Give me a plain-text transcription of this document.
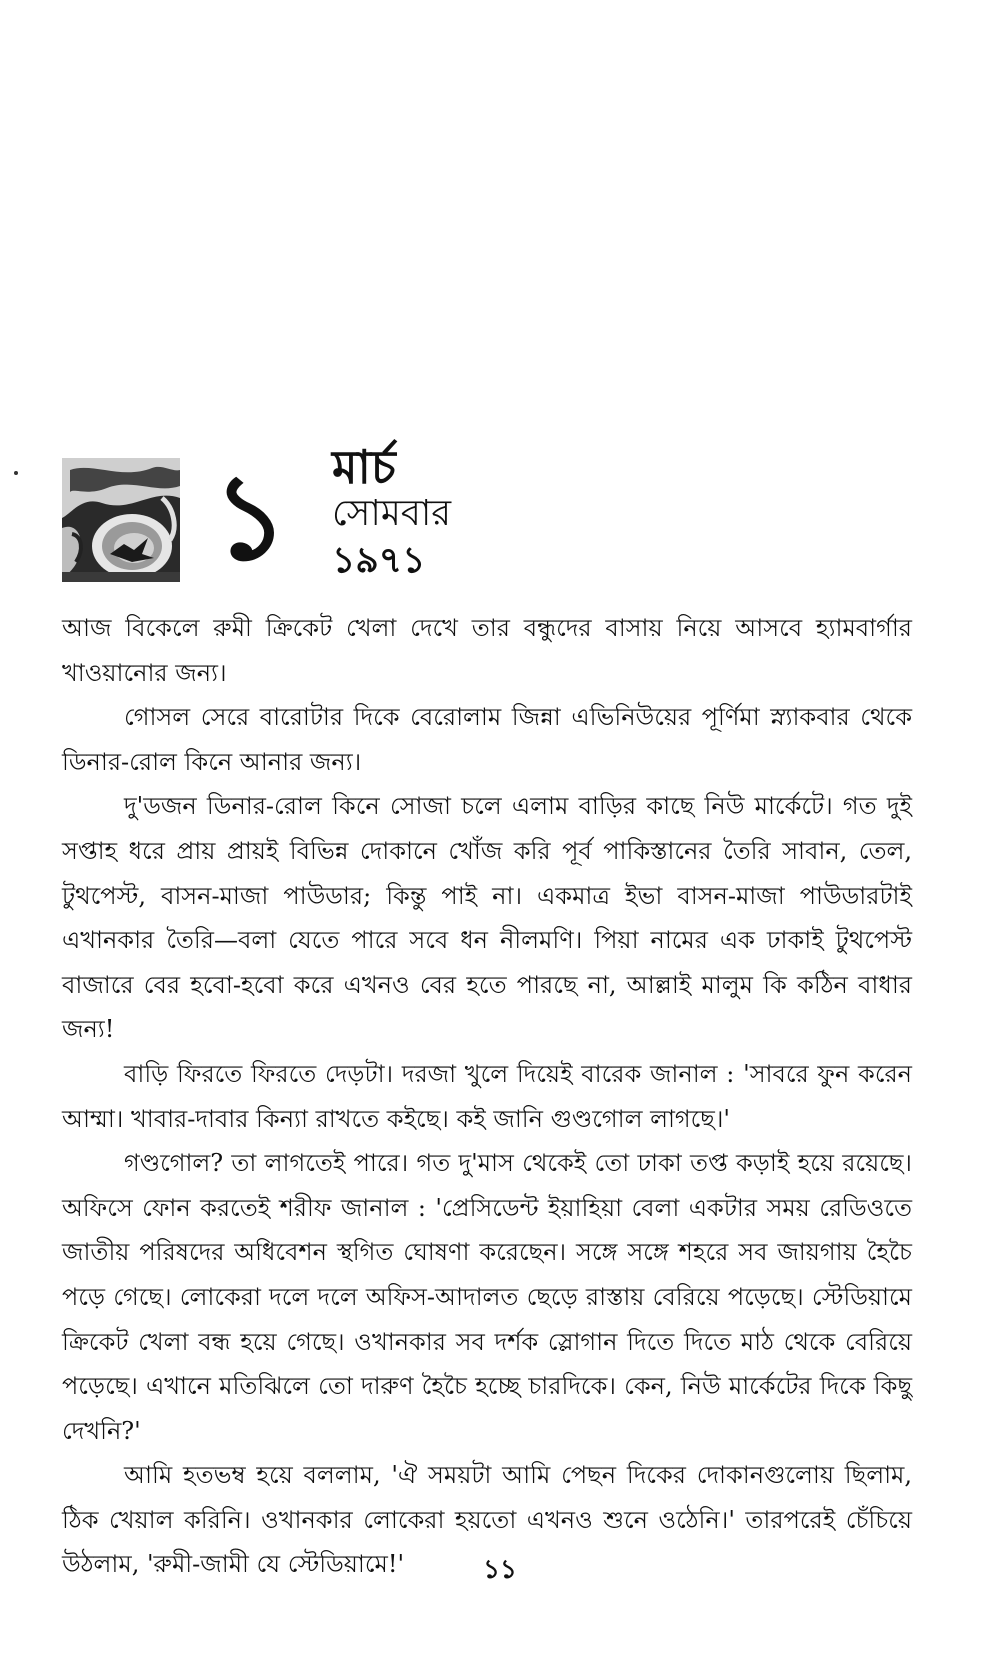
১ মার্চ
সোমবার
১৯৭১

আজ বিকেলে রুমী ক্রিকেট খেলা দেখে তার বন্ধুদের বাসায় নিয়ে আসবে হ্যামবার্গার খাওয়ানোর জন্য।

গোসল সেরে বারোটার দিকে বেরোলাম জিন্না এভিনিউয়ের পূর্ণিমা স্ন্যাকবার থেকে ডিনার-রোল কিনে আনার জন্য।

দু'ডজন ডিনার-রোল কিনে সোজা চলে এলাম বাড়ির কাছে নিউ মার্কেটে। গত দুই সপ্তাহ ধরে প্রায় প্রায়ই বিভিন্ন দোকানে খোঁজ করি পূর্ব পাকিস্তানের তৈরি সাবান, তেল, টুথপেস্ট, বাসন-মাজা পাউডার; কিন্তু পাই না। একমাত্র ইভা বাসন-মাজা পাউডারটাই এখানকার তৈরি—বলা যেতে পারে সবে ধন নীলমণি। পিয়া নামের এক ঢাকাই টুথপেস্ট বাজারে বের হবো-হবো করে এখনও বের হতে পারছে না, আল্লাই মালুম কি কঠিন বাধার জন্য!

বাড়ি ফিরতে ফিরতে দেড়টা। দরজা খুলে দিয়েই বারেক জানাল : 'সাবরে ফুন করেন আম্মা। খাবার-দাবার কিন্যা রাখতে কইছে। কই জানি গুণ্ডগোল লাগছে।'

গণ্ডগোল? তা লাগতেই পারে। গত দু'মাস থেকেই তো ঢাকা তপ্ত কড়াই হয়ে রয়েছে। অফিসে ফোন করতেই শরীফ জানাল : 'প্রেসিডেন্ট ইয়াহিয়া বেলা একটার সময় রেডিওতে জাতীয় পরিষদের অধিবেশন স্থগিত ঘোষণা করেছেন। সঙ্গে সঙ্গে শহরে সব জায়গায় হৈচৈ পড়ে গেছে। লোকেরা দলে দলে অফিস-আদালত ছেড়ে রাস্তায় বেরিয়ে পড়েছে। স্টেডিয়ামে ক্রিকেট খেলা বন্ধ হয়ে গেছে। ওখানকার সব দর্শক স্লোগান দিতে দিতে মাঠ থেকে বেরিয়ে পড়েছে। এখানে মতিঝিলে তো দারুণ হৈচৈ হচ্ছে চারদিকে। কেন, নিউ মার্কেটের দিকে কিছু দেখনি?'

আমি হতভম্ব হয়ে বললাম, 'ঐ সময়টা আমি পেছন দিকের দোকানগুলোয় ছিলাম, ঠিক খেয়াল করিনি। ওখানকার লোকেরা হয়তো এখনও শুনে ওঠেনি।' তারপরেই চেঁচিয়ে উঠলাম, 'রুমী-জামী যে স্টেডিয়ামে!'	১১
